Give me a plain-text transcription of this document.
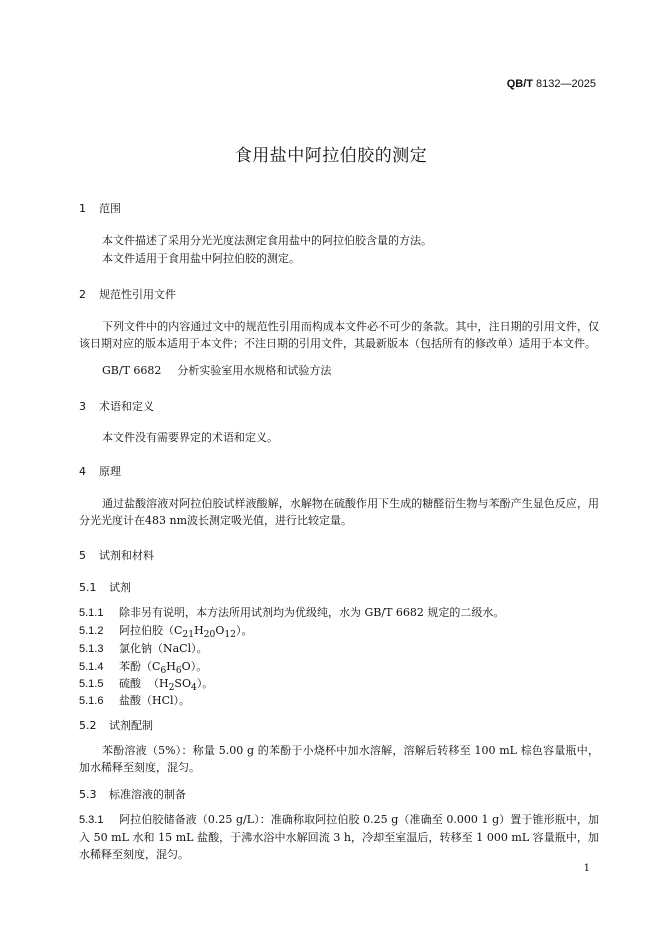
QB/T 8132—2025
食用盐中阿拉伯胶的测定
1 范围
本文件描述了采用分光光度法测定食用盐中的阿拉伯胶含量的方法。
本文件适用于食用盐中阿拉伯胶的测定。
2 规范性引用文件
下列文件中的内容通过文中的规范性引用而构成本文件必不可少的条款。其中，注日期的引用文件，仅该日期对应的版本适用于本文件；不注日期的引用文件，其最新版本（包括所有的修改单）适用于本文件。
GB/T 6682 分析实验室用水规格和试验方法
3 术语和定义
本文件没有需要界定的术语和定义。
4 原理
通过盐酸溶液对阿拉伯胶试样液酸解，水解物在硫酸作用下生成的糖醛衍生物与苯酚产生显色反应，用分光光度计在483 nm波长测定吸光值，进行比较定量。
5 试剂和材料
5.1 试剂
5.1.1 除非另有说明，本方法所用试剂均为优级纯，水为 GB/T 6682 规定的二级水。
5.1.2 阿拉伯胶$(C_{21}H_{20}O_{12})$。
5.1.3 氯化钠（NaCl）。
5.1.4 苯酚$(C_6H_6O)$。
5.1.5 硫酸  $(H_2SO_4)$。
5.1.6 盐酸（HCl）。
5.2 试剂配制
苯酚溶液（5%）：称量 5.00 g 的苯酚于小烧杯中加水溶解，溶解后转移至 100 mL 棕色容量瓶中，加水稀释至刻度，混匀。
5.3 标准溶液的制备
5.3.1 阿拉伯胶储备液（0.25 g/L）：准确称取阿拉伯胶 0.25 g（准确至 0.000 1 g）置于锥形瓶中，加入 50 mL 水和 15 mL 盐酸，于沸水浴中水解回流 3 h，冷却至室温后，转移至 1 000 mL 容量瓶中，加水稀释至刻度，混匀。
1
